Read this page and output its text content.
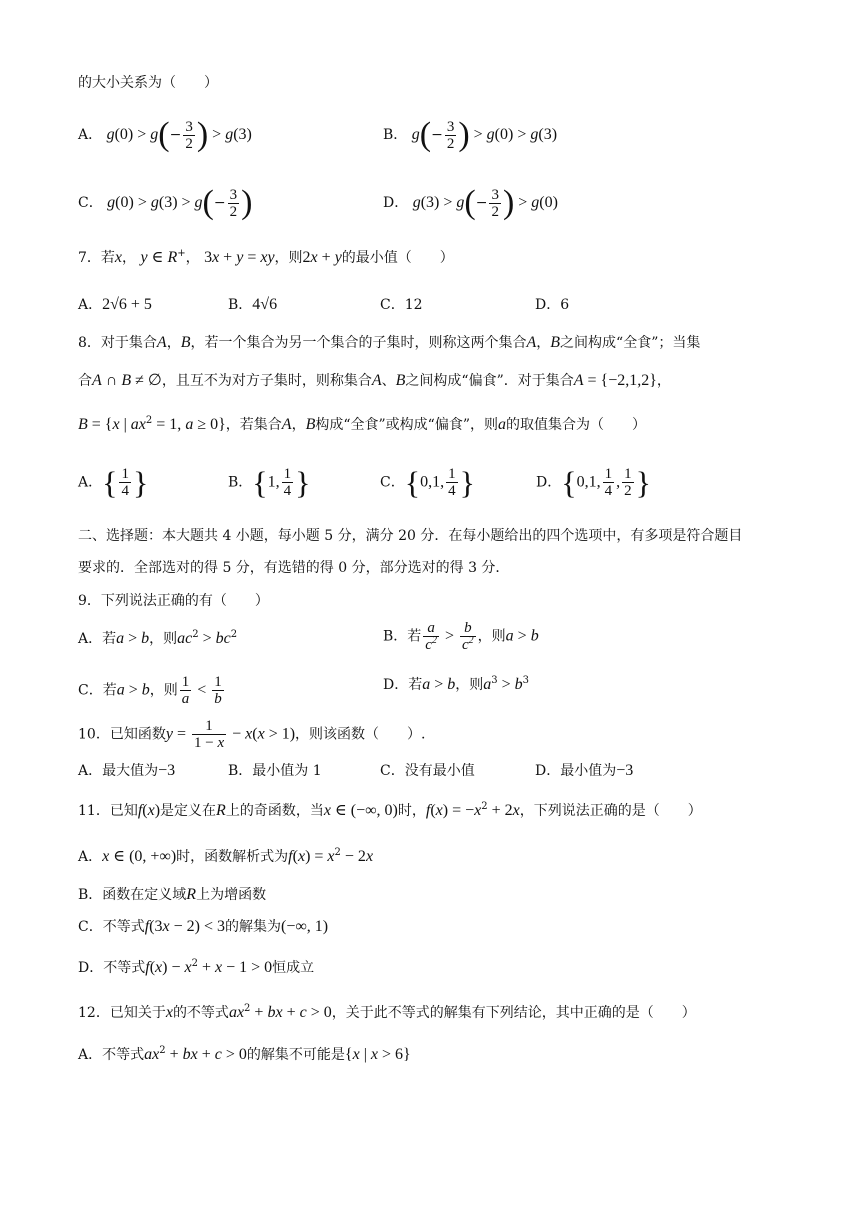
的大小关系为（　　）
A． $g(0) > g(- \frac{3}{2}$ ) > g(3)	B． $g(- \frac{3}{2}$ ) > g(0) > g(3)
C． $g(0) > g(3) > g(- \frac{3}{2}$ )	D． $g(3) > g(- \frac{3}{2}$ ) > g(0)
7．若x， y ∈ R+， 3x + y = xy，则2x + y的最小值（　　）
A．2√6 + 5	B．4√6	C．12	D．6
8．对于集合A，B，若一个集合为另一个集合的子集时，则称这两个集合A，B之间构成“全食”；当集
合A ∩ B ≠ ∅，且互不为对方子集时，则称集合A、B之间构成“偏食”．对于集合A = {−2,1,2}，
B = {x | $ax^2 = 1$, a ≥ 0}，若集合A，B构成“全食”或构成“偏食”，则a的取值集合为（　　）
A．{ $\frac{1}{4}$ }	B．{1, $\frac{1}{4}$ }	C．{0,1, $\frac{1}{4}$ }	D．{0,1, $\frac{1}{4}$ , $\frac{1}{2}$ }
二、选择题：本大题共 4 小题，每小题 5 分，满分 20 分．在每小题给出的四个选项中，有多项是符合题目
要求的．全部选对的得 5 分，有选错的得 0 分，部分选对的得 3 分．
9．下列说法正确的有（　　）
A．若a > b，则$ac^2 > bc^2$	B．若 $\frac{a}{c^2} > \frac{b}{c^2}$ ，则a > b
C．若a > b，则 $\frac{1}{a} < \frac{1}{b}$	D．若a > b，则$a^3 > b^3$
10．已知函数$y = \frac{1}{1 - x} - x(x > 1)$，则该函数（　　）.
A．最大值为−3	B．最小值为 1	C．没有最小值	D．最小值为−3
11．已知f(x)是定义在R上的奇函数，当x ∈ (−∞, 0)时，$f(x) = -x^2 + 2x$，下列说法正确的是（　　）
A．x ∈ (0, +∞)时，函数解析式为$f(x) = x^2 - 2x$
B．函数在定义域R上为增函数
C．不等式f(3x − 2) < 3的解集为(−∞, 1)
D．不等式$f(x) - x^2 + x - 1 > 0$恒成立
12．已知关于x的不等式$ax^2$ + bx + c > 0，关于此不等式的解集有下列结论，其中正确的是（　　）
A．不等式$ax^2$ + bx + c > 0的解集不可能是{x | x > 6}
